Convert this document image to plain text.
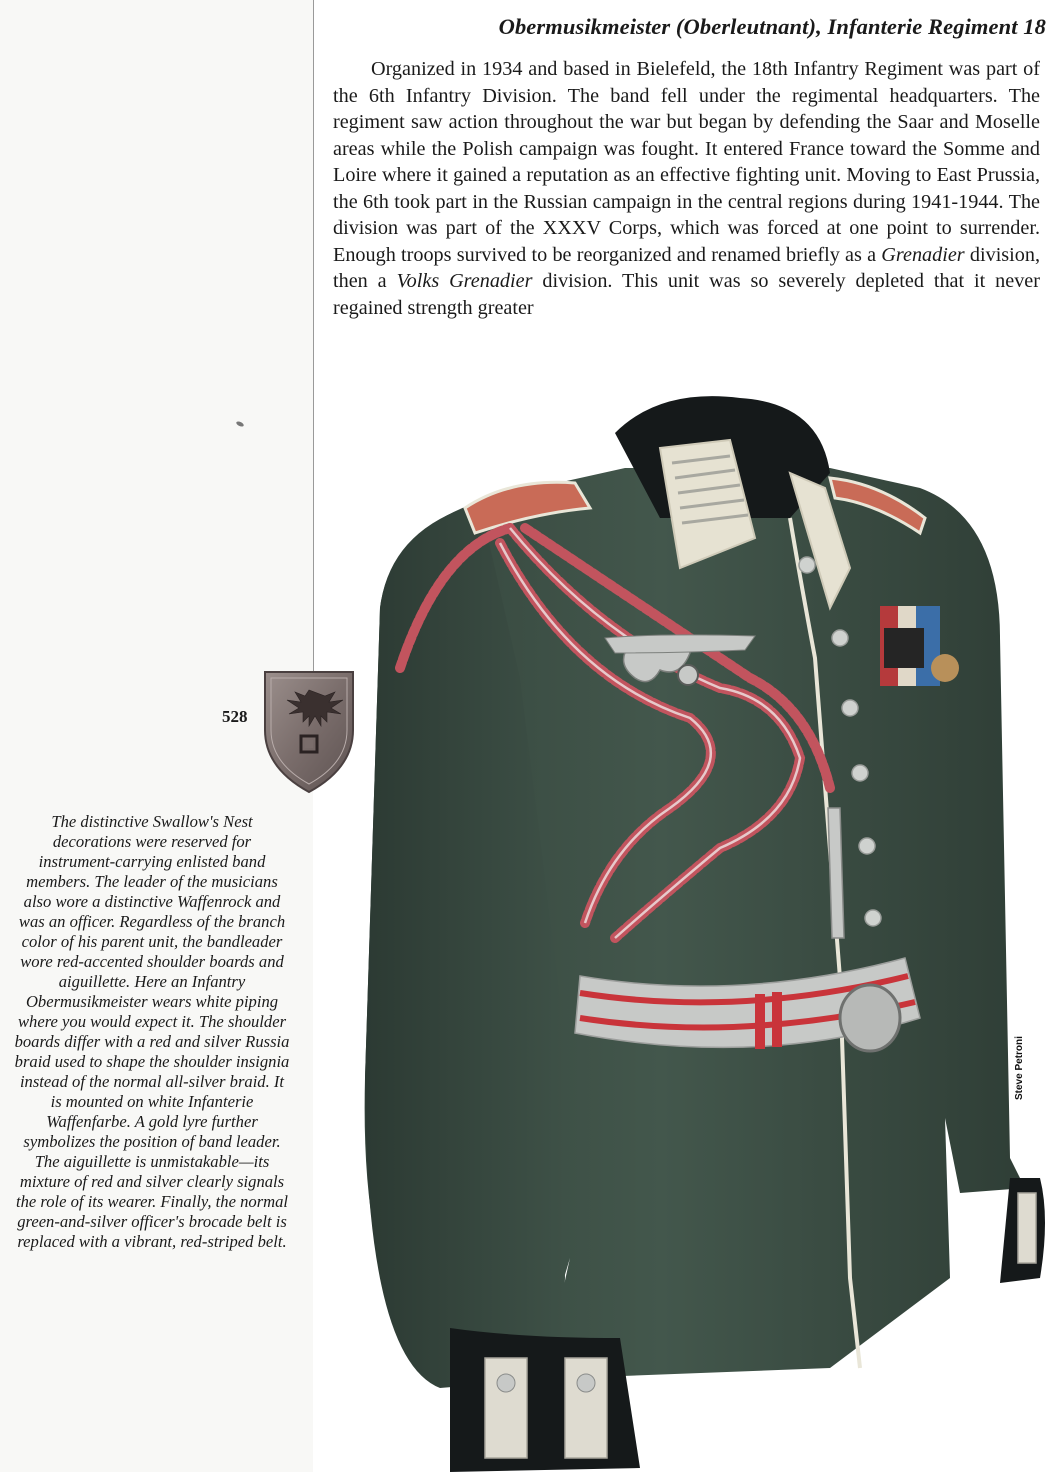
Obermusikmeister (Oberleutnant), Infanterie Regiment 18

Organized in 1934 and based in Bielefeld, the 18th Infantry Regiment was part of the 6th Infantry Division. The band fell under the regimental headquarters. The regiment saw action throughout the war but began by defending the Saar and Moselle areas while the Polish campaign was fought. It entered France toward the Somme and Loire where it gained a reputation as an effective fighting unit. Moving to East Prussia, the 6th took part in the Russian campaign in the central regions during 1941-1944. The division was part of the XXXV Corps, which was forced at one point to surrender. Enough troops survived to be reorganized and renamed briefly as a Grenadier division, then a Volks Grenadier division. This unit was so severely depleted that it never regained strength greater

528

The distinctive Swallow's Nest decorations were reserved for instrument-carrying enlisted band members. The leader of the musicians also wore a distinctive Waffenrock and was an officer. Regardless of the branch color of his parent unit, the bandleader wore red-accented shoulder boards and aiguillette. Here an Infantry Obermusikmeister wears white piping where you would expect it. The shoulder boards differ with a red and silver Russia braid used to shape the shoulder insignia instead of the normal all-silver braid. It is mounted on white Infanterie Waffenfarbe. A gold lyre further symbolizes the position of band leader. The aiguillette is unmistakable—its mixture of red and silver clearly signals the role of its wearer. Finally, the normal green-and-silver officer's brocade belt is replaced with a vibrant, red-striped belt.

Steve Petroni
